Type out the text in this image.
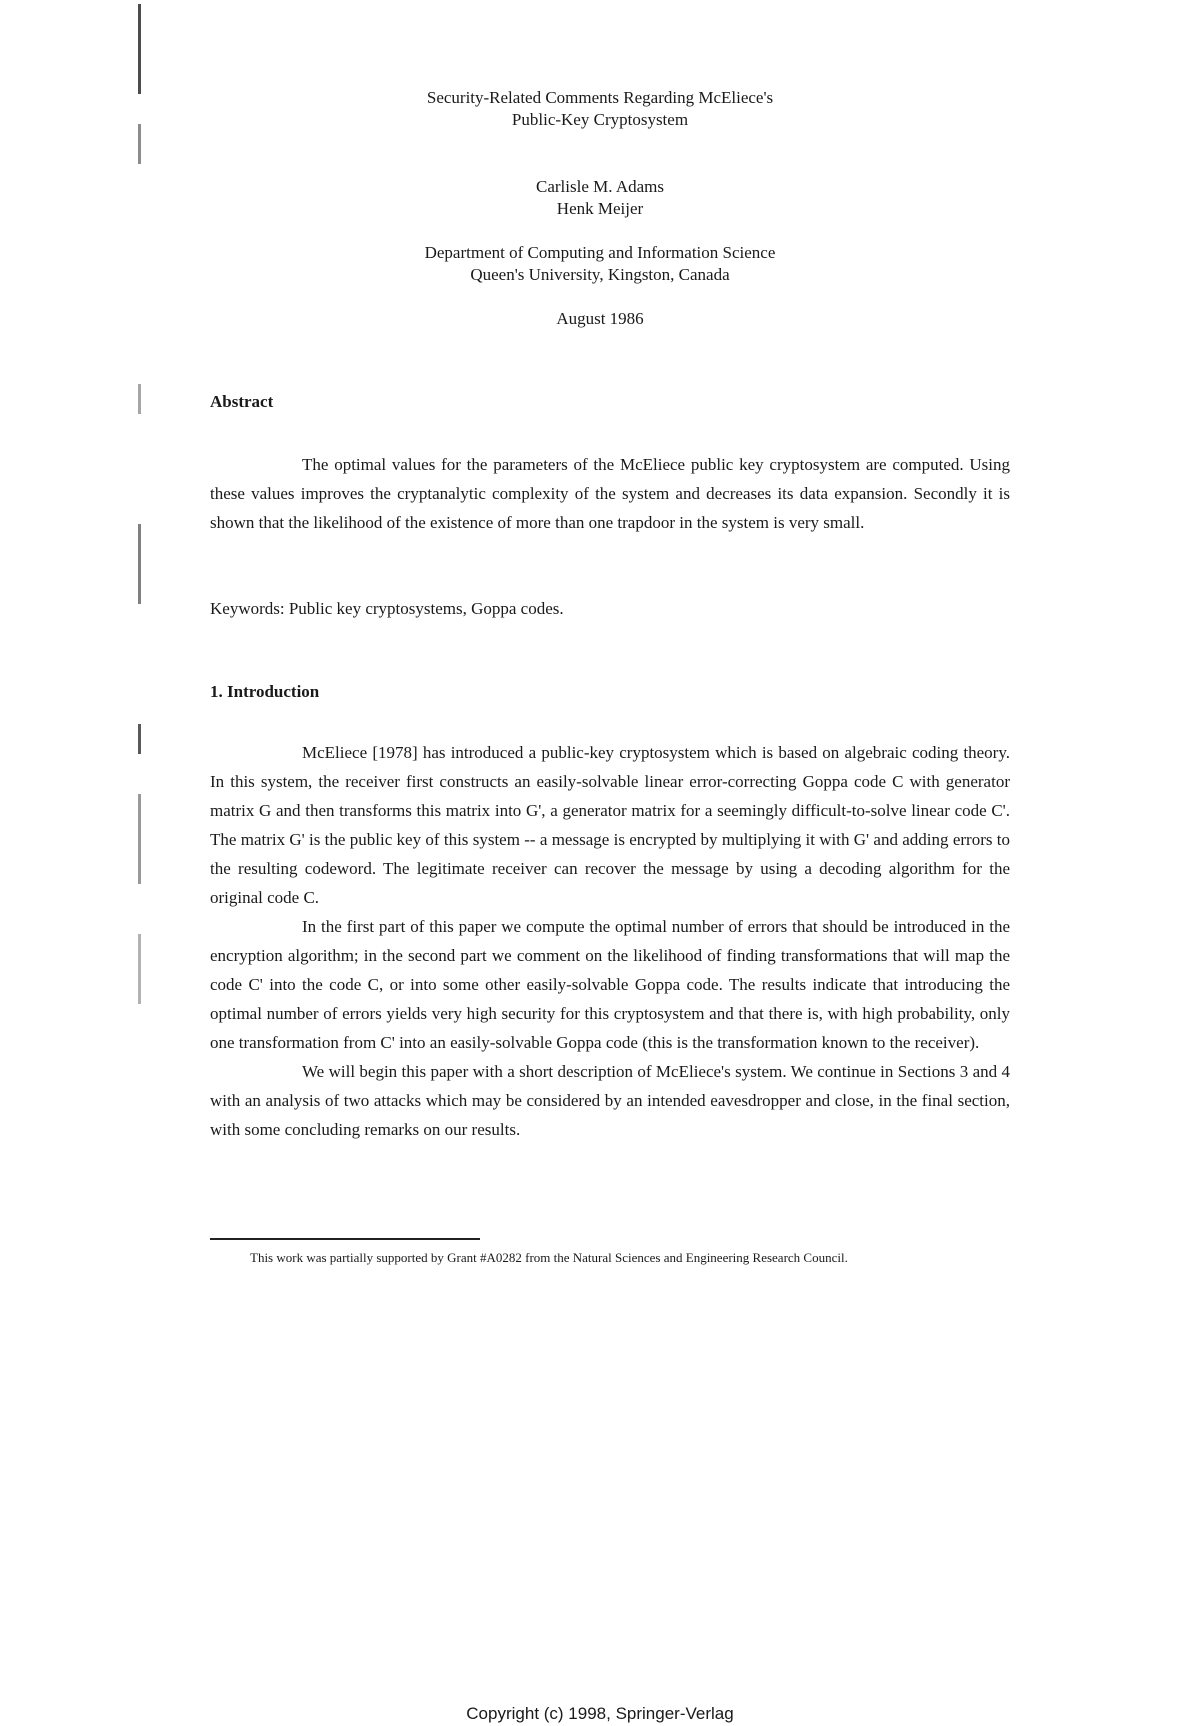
Security-Related Comments Regarding McEliece's
Public-Key Cryptosystem
Carlisle M. Adams
Henk Meijer
Department of Computing and Information Science
Queen's University, Kingston, Canada
August 1986
Abstract

The optimal values for the parameters of the McEliece public key cryptosystem are computed. Using these values improves the cryptanalytic complexity of the system and decreases its data expansion. Secondly it is shown that the likelihood of the existence of more than one trapdoor in the system is very small.

Keywords: Public key cryptosystems, Goppa codes.
1. Introduction

McEliece [1978] has introduced a public-key cryptosystem which is based on algebraic coding theory. In this system, the receiver first constructs an easily-solvable linear error-correcting Goppa code C with generator matrix G and then transforms this matrix into G', a generator matrix for a seemingly difficult-to-solve linear code C'. The matrix G' is the public key of this system -- a message is encrypted by multiplying it with G' and adding errors to the resulting codeword. The legitimate receiver can recover the message by using a decoding algorithm for the original code C.

In the first part of this paper we compute the optimal number of errors that should be introduced in the encryption algorithm; in the second part we comment on the likelihood of finding transformations that will map the code C' into the code C, or into some other easily-solvable Goppa code. The results indicate that introducing the optimal number of errors yields very high security for this cryptosystem and that there is, with high probability, only one transformation from C' into an easily-solvable Goppa code (this is the transformation known to the receiver).

We will begin this paper with a short description of McEliece's system. We continue in Sections 3 and 4 with an analysis of two attacks which may be considered by an intended eavesdropper and close, in the final section, with some concluding remarks on our results.

This work was partially supported by Grant #A0282 from the Natural Sciences and Engineering Research Council.
Copyright (c) 1998, Springer-Verlag
